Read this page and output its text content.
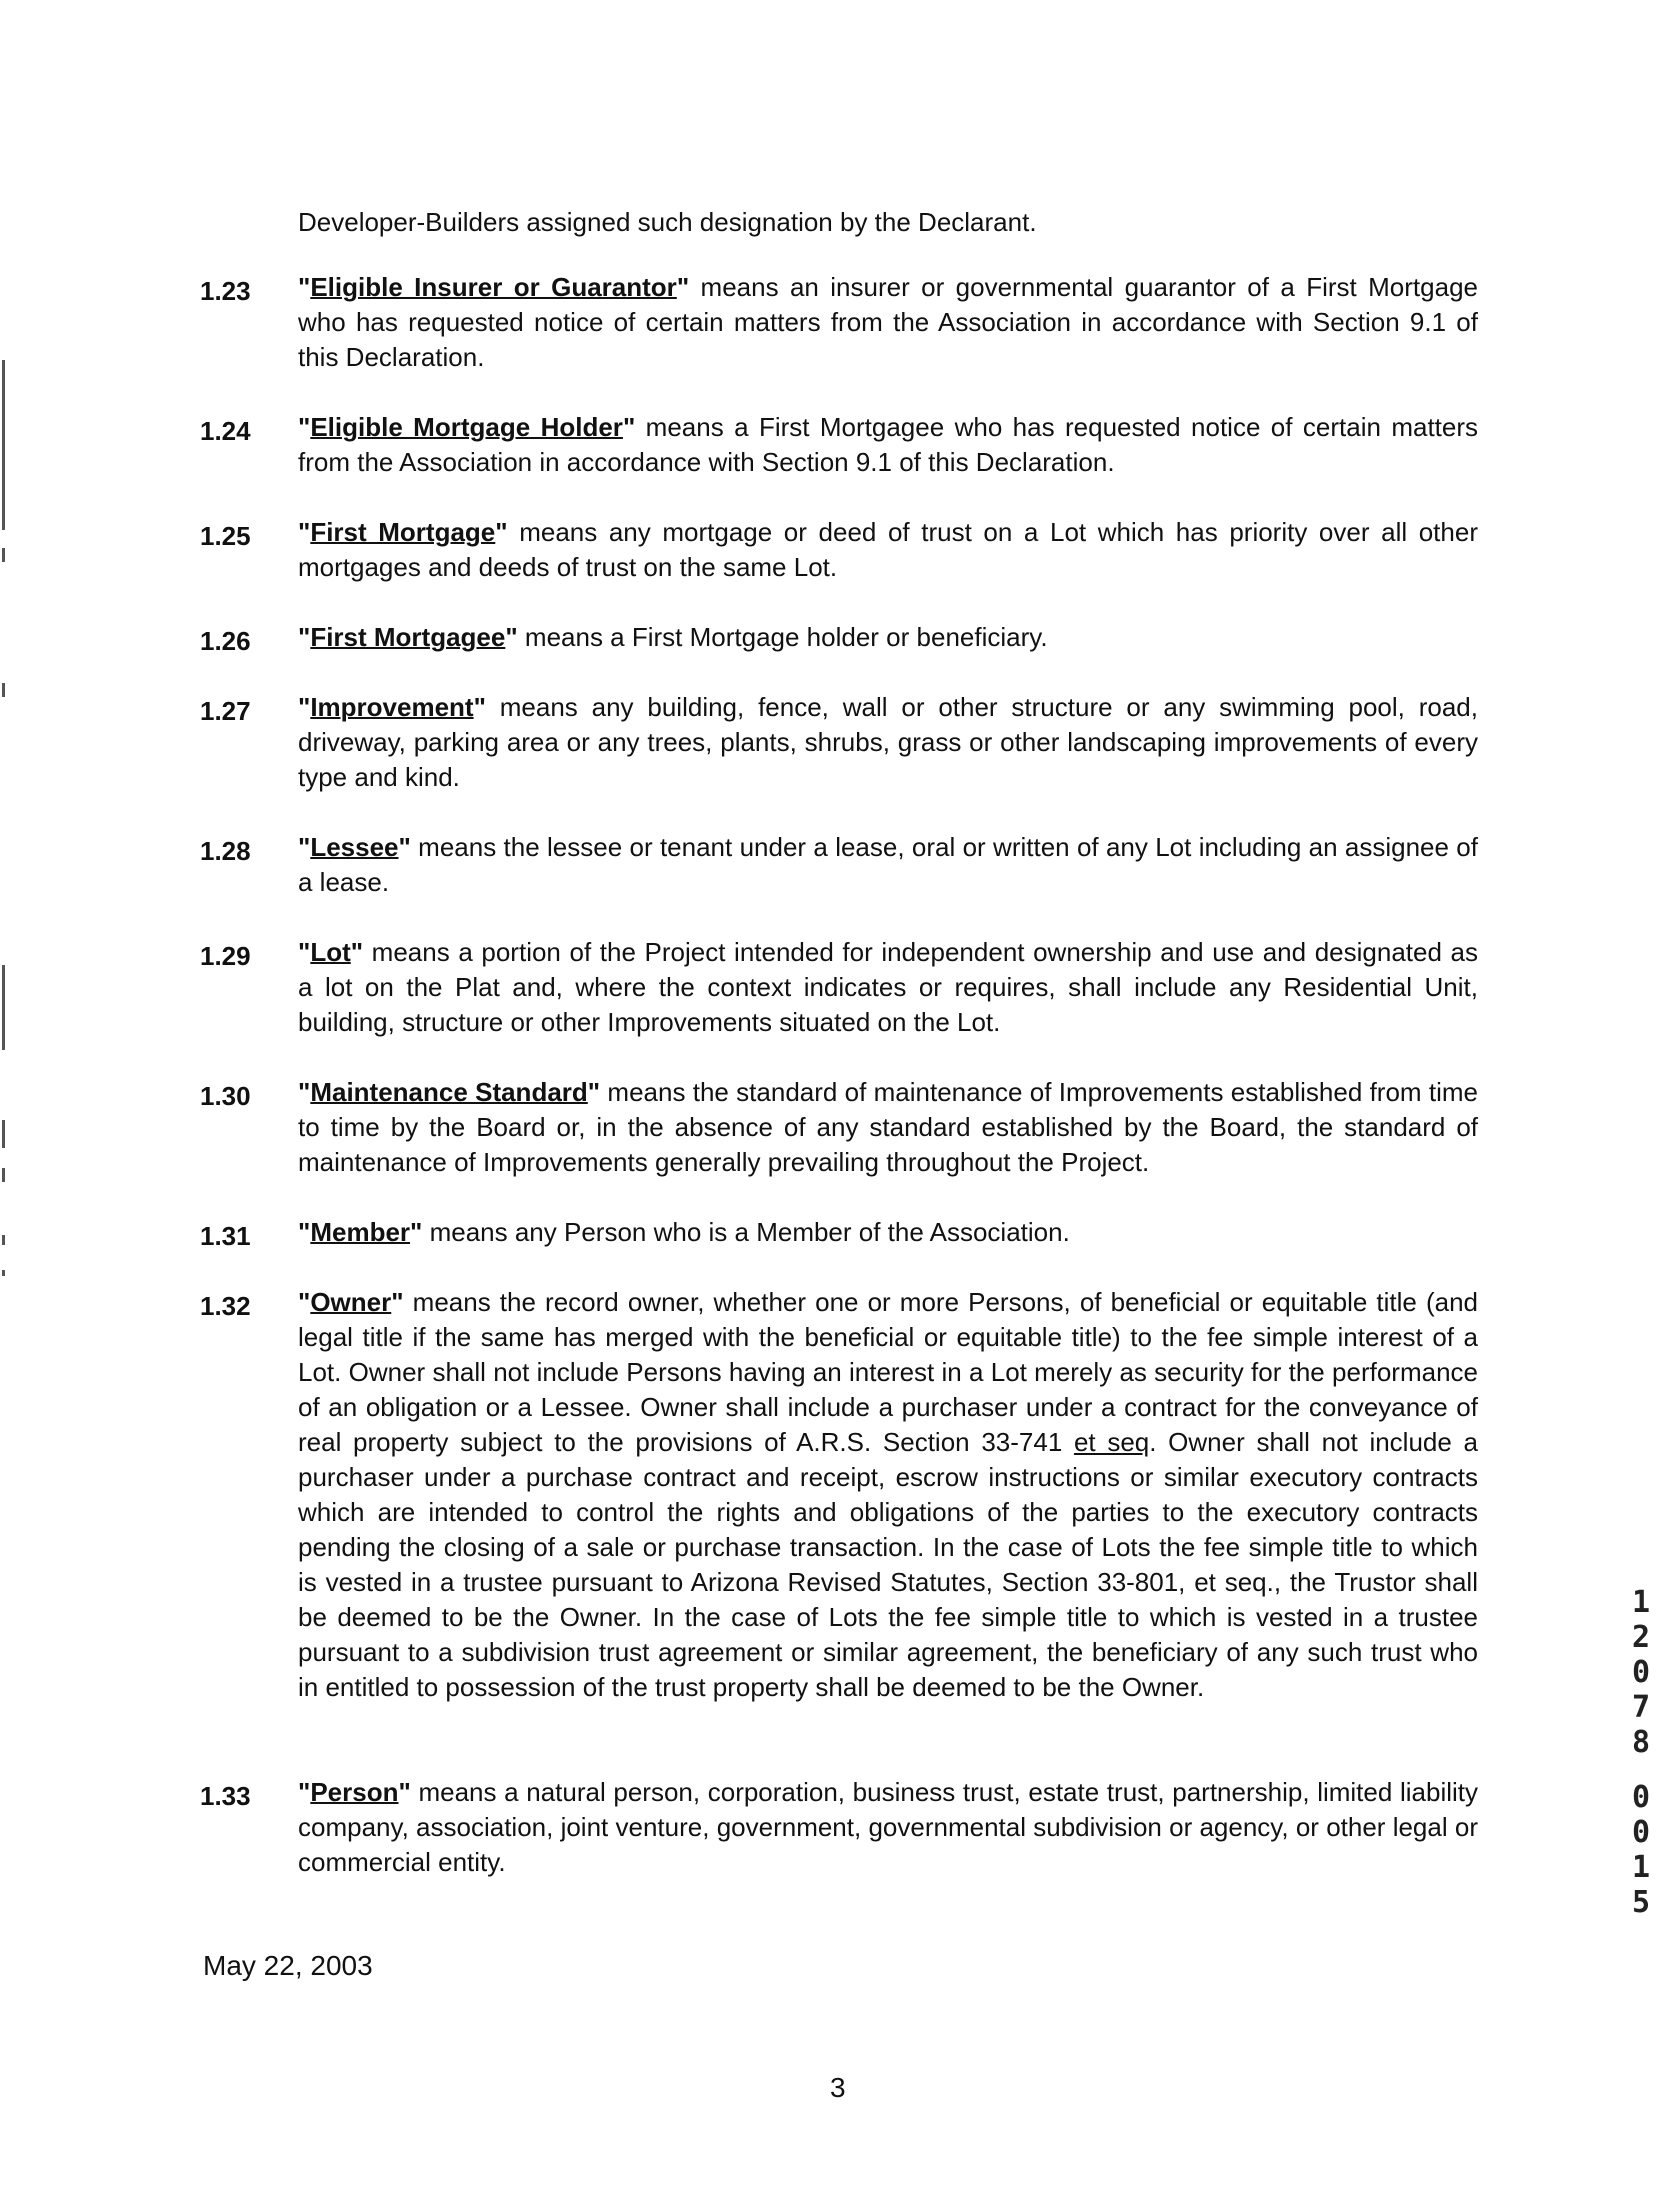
Developer-Builders assigned such designation by the Declarant.
1.23 "Eligible Insurer or Guarantor" means an insurer or governmental guarantor of a First Mortgage who has requested notice of certain matters from the Association in accordance with Section 9.1 of this Declaration.
1.24 "Eligible Mortgage Holder" means a First Mortgagee who has requested notice of certain matters from the Association in accordance with Section 9.1 of this Declaration.
1.25 "First Mortgage" means any mortgage or deed of trust on a Lot which has priority over all other mortgages and deeds of trust on the same Lot.
1.26 "First Mortgagee" means a First Mortgage holder or beneficiary.
1.27 "Improvement" means any building, fence, wall or other structure or any swimming pool, road, driveway, parking area or any trees, plants, shrubs, grass or other landscaping improvements of every type and kind.
1.28 "Lessee" means the lessee or tenant under a lease, oral or written of any Lot including an assignee of a lease.
1.29 "Lot" means a portion of the Project intended for independent ownership and use and designated as a lot on the Plat and, where the context indicates or requires, shall include any Residential Unit, building, structure or other Improvements situated on the Lot.
1.30 "Maintenance Standard" means the standard of maintenance of Improvements established from time to time by the Board or, in the absence of any standard established by the Board, the standard of maintenance of Improvements generally prevailing throughout the Project.
1.31 "Member" means any Person who is a Member of the Association.
1.32 "Owner" means the record owner, whether one or more Persons, of beneficial or equitable title (and legal title if the same has merged with the beneficial or equitable title) to the fee simple interest of a Lot. Owner shall not include Persons having an interest in a Lot merely as security for the performance of an obligation or a Lessee. Owner shall include a purchaser under a contract for the conveyance of real property subject to the provisions of A.R.S. Section 33-741 et seq. Owner shall not include a purchaser under a purchase contract and receipt, escrow instructions or similar executory contracts which are intended to control the rights and obligations of the parties to the executory contracts pending the closing of a sale or purchase transaction. In the case of Lots the fee simple title to which is vested in a trustee pursuant to Arizona Revised Statutes, Section 33-801, et seq., the Trustor shall be deemed to be the Owner. In the case of Lots the fee simple title to which is vested in a trustee pursuant to a subdivision trust agreement or similar agreement, the beneficiary of any such trust who in entitled to possession of the trust property shall be deemed to be the Owner.
1.33 "Person" means a natural person, corporation, business trust, estate trust, partnership, limited liability company, association, joint venture, government, governmental subdivision or agency, or other legal or commercial entity.
May 22, 2003
3
1
2
0
7
8
0
0
1
5
